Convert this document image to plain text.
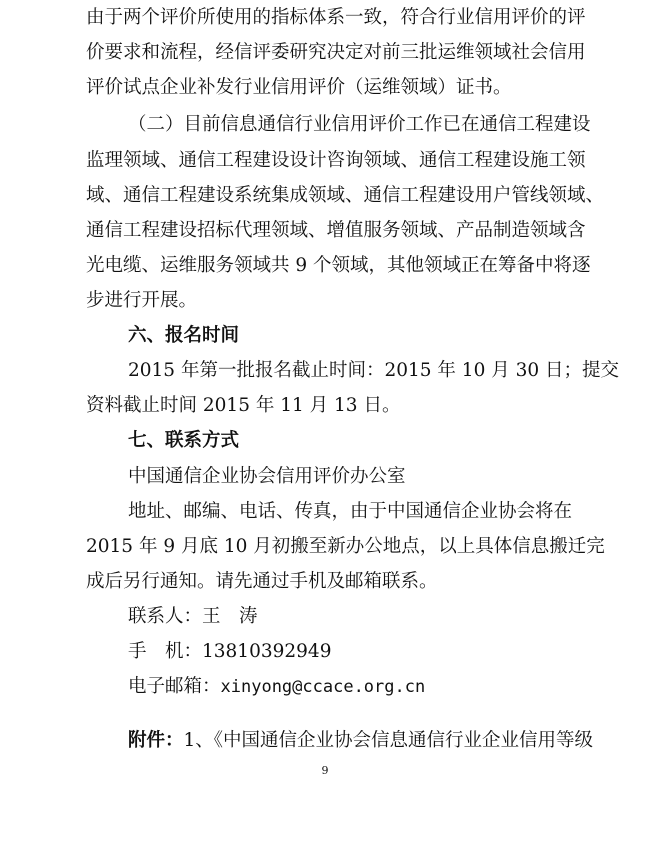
由于两个评价所使用的指标体系一致，符合行业信用评价的评
价要求和流程，经信评委研究决定对前三批运维领域社会信用
评价试点企业补发行业信用评价（运维领域）证书。
（二）目前信息通信行业信用评价工作已在通信工程建设
监理领域、通信工程建设设计咨询领域、通信工程建设施工领
域、通信工程建设系统集成领域、通信工程建设用户管线领域、
通信工程建设招标代理领域、增值服务领域、产品制造领域含
光电缆、运维服务领域共 9 个领域，其他领域正在筹备中将逐
步进行开展。
六、报名时间
2015 年第一批报名截止时间：2015 年 10 月 30 日；提交
资料截止时间 2015 年 11 月 13 日。
七、联系方式
中国通信企业协会信用评价办公室
地址、邮编、电话、传真，由于中国通信企业协会将在
2015 年 9 月底 10 月初搬至新办公地点，以上具体信息搬迁完
成后另行通知。请先通过手机及邮箱联系。
联系人：王　涛
手　机：13810392949
电子邮箱：xinyong@ccace.org.cn
附件：1、《中国通信企业协会信息通信行业企业信用等级
9
